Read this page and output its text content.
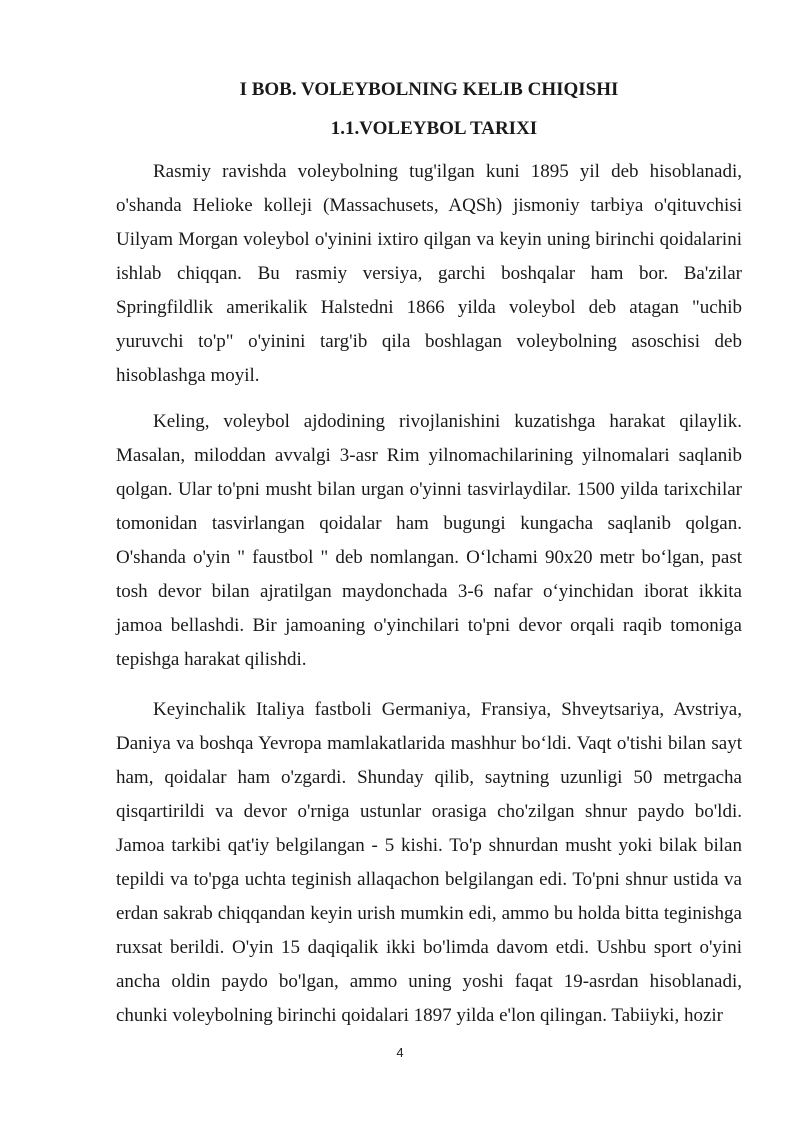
I BOB. VOLEYBOLNING KELIB CHIQISHI
1.1.VOLEYBOL TARIXI

Rasmiy ravishda voleybolning tug'ilgan kuni 1895 yil deb hisoblanadi, o'shanda Helioke kolleji (Massachusets, AQSh) jismoniy tarbiya o'qituvchisi Uilyam Morgan voleybol o'yinini ixtiro qilgan va keyin uning birinchi qoidalarini ishlab chiqqan. Bu rasmiy versiya, garchi boshqalar ham bor. Ba'zilar Springfildlik amerikalik Halstedni 1866 yilda voleybol deb atagan "uchib yuruvchi to'p" o'yinini targ'ib qila boshlagan voleybolning asoschisi deb hisoblashga moyil.

Keling, voleybol ajdodining rivojlanishini kuzatishga harakat qilaylik. Masalan, miloddan avvalgi 3-asr Rim yilnomachilarining yilnomalari saqlanib qolgan. Ular to'pni musht bilan urgan o'yinni tasvirlaydilar. 1500 yilda tarixchilar tomonidan tasvirlangan qoidalar ham bugungi kungacha saqlanib qolgan. O'shanda o'yin " faustbol " deb nomlangan. O‘lchami 90x20 metr bo‘lgan, past tosh devor bilan ajratilgan maydonchada 3-6 nafar o‘yinchidan iborat ikkita jamoa bellashdi. Bir jamoaning o'yinchilari to'pni devor orqali raqib tomoniga tepishga harakat qilishdi.

Keyinchalik Italiya fastboli Germaniya, Fransiya, Shveytsariya, Avstriya, Daniya va boshqa Yevropa mamlakatlarida mashhur bo‘ldi. Vaqt o'tishi bilan sayt ham, qoidalar ham o'zgardi. Shunday qilib, saytning uzunligi 50 metrgacha qisqartirildi va devor o'rniga ustunlar orasiga cho'zilgan shnur paydo bo'ldi. Jamoa tarkibi qat'iy belgilangan - 5 kishi. To'p shnurdan musht yoki bilak bilan tepildi va to'pga uchta teginish allaqachon belgilangan edi. To'pni shnur ustida va erdan sakrab chiqqandan keyin urish mumkin edi, ammo bu holda bitta teginishga ruxsat berildi. O'yin 15 daqiqalik ikki bo'limda davom etdi. Ushbu sport o'yini ancha oldin paydo bo'lgan, ammo uning yoshi faqat 19-asrdan hisoblanadi, chunki voleybolning birinchi qoidalari 1897 yilda e'lon qilingan. Tabiiyki, hozir

4
